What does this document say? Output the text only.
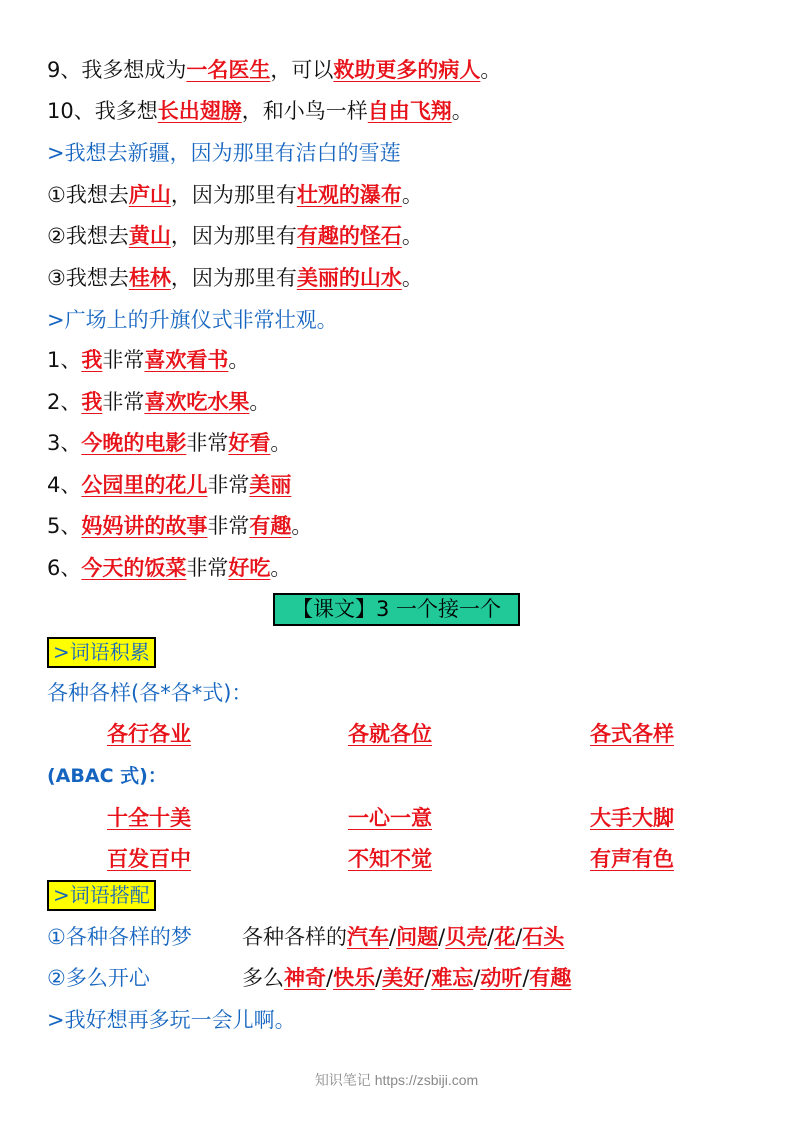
9、我多想成为一名医生，可以救助更多的病人。
10、我多想长出翅膀，和小鸟一样自由飞翔。
>我想去新疆，因为那里有洁白的雪莲
①我想去庐山，因为那里有壮观的瀑布。
②我想去黄山，因为那里有有趣的怪石。
③我想去桂林，因为那里有美丽的山水。
>广场上的升旗仪式非常壮观。
1、我非常喜欢看书。
2、我非常喜欢吃水果。
3、今晚的电影非常好看。
4、公园里的花儿非常美丽
5、妈妈讲的故事非常有趣。
6、今天的饭菜非常好吃。
【课文】3 一个接一个
>词语积累
各种各样(各*各*式)：
各行各业	各就各位	各式各样
(ABAC 式)：
十全十美	一心一意	大手大脚
百发百中	不知不觉	有声有色
>词语搭配
①各种各样的梦 各种各样的汽车/问题/贝壳/花/石头
②多么开心	多么神奇/快乐/美好/难忘/动听/有趣
>我好想再多玩一会儿啊。
知识笔记 https://zsbiji.com
